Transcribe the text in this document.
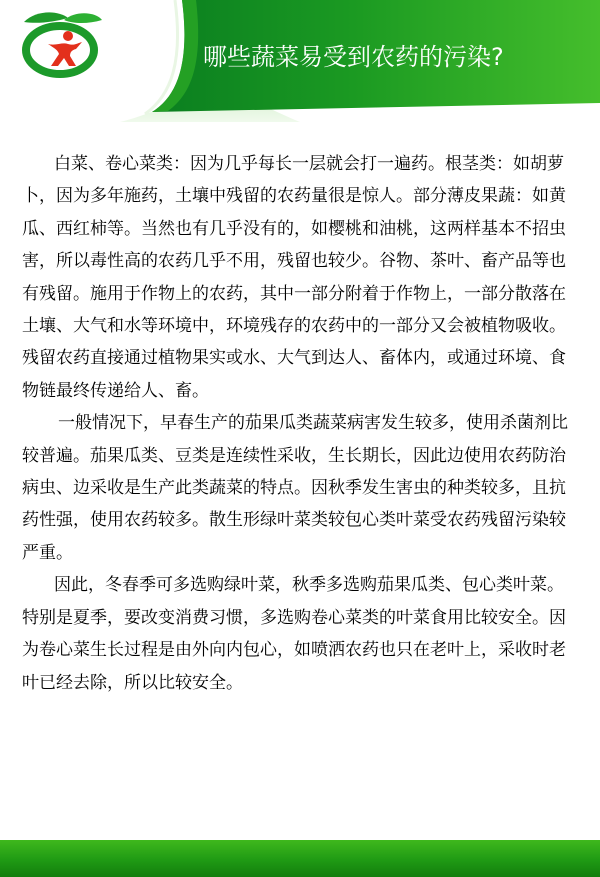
哪些蔬菜易受到农药的污染?

白菜、卷心菜类：因为几乎每长一层就会打一遍药。根茎类：如胡萝卜，因为多年施药，土壤中残留的农药量很是惊人。部分薄皮果蔬：如黄瓜、西红柿等。当然也有几乎没有的，如樱桃和油桃，这两样基本不招虫害，所以毒性高的农药几乎不用，残留也较少。谷物、茶叶、畜产品等也有残留。施用于作物上的农药，其中一部分附着于作物上，一部分散落在土壤、大气和水等环境中，环境残存的农药中的一部分又会被植物吸收。残留农药直接通过植物果实或水、大气到达人、畜体内，或通过环境、食物链最终传递给人、畜。

一般情况下，早春生产的茄果瓜类蔬菜病害发生较多，使用杀菌剂比较普遍。茄果瓜类、豆类是连续性采收，生长期长，因此边使用农药防治病虫、边采收是生产此类蔬菜的特点。因秋季发生害虫的种类较多，且抗药性强，使用农药较多。散生形绿叶菜类较包心类叶菜受农药残留污染较严重。

因此，冬春季可多选购绿叶菜，秋季多选购茄果瓜类、包心类叶菜。特别是夏季，要改变消费习惯，多选购卷心菜类的叶菜食用比较安全。因为卷心菜生长过程是由外向内包心，如喷洒农药也只在老叶上，采收时老叶已经去除，所以比较安全。
